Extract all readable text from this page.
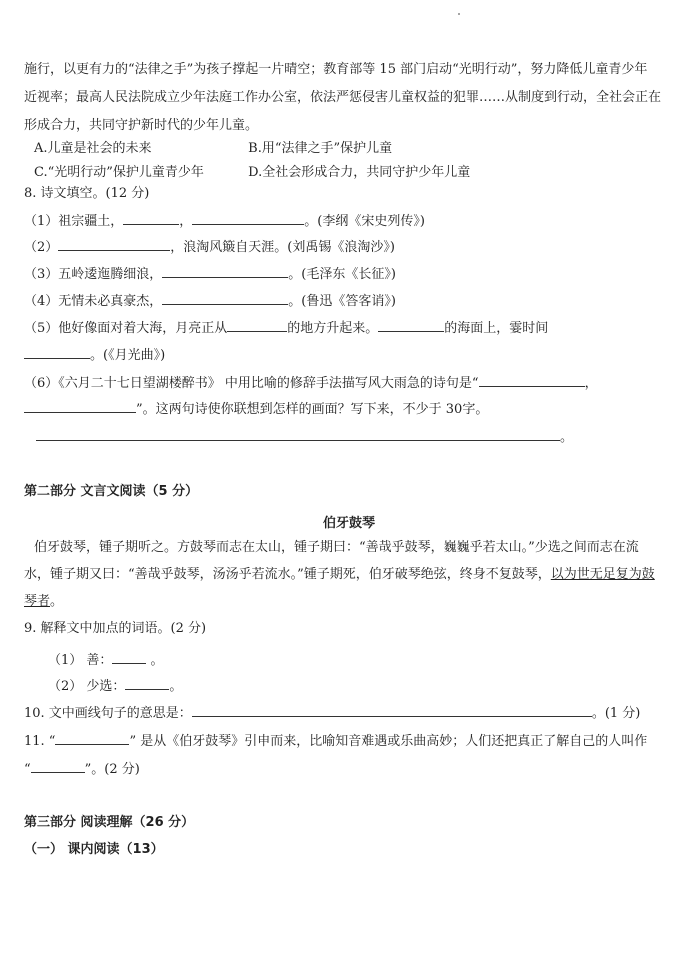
施行，以更有力的“法律之手”为孩子撑起一片晴空；教育部等 15 部门启动“光明行动”，努力降低儿童青少年
近视率；最高人民法院成立少年法庭工作办公室，依法严惩侵害儿童权益的犯罪……从制度到行动，全社会正在
形成合力，共同守护新时代的少年儿童。
A.儿童是社会的未来	B.用“法律之手”保护儿童
C.“光明行动”保护儿童青少年	D.全社会形成合力，共同守护少年儿童
8. 诗文填空。(12 分)
（1）祖宗疆土，	，	。(李纲《宋史列传》)
（2）	，浪淘风簸自天涯。(刘禹锡《浪淘沙》)
（3）五岭逶迤腾细浪，	。(毛泽东《长征》)
（4）无情未必真豪杰，	。(鲁迅《答客诮》)
（5）他好像面对着大海，月亮正从	的地方升起来。	的海面上，霎时间
。(《月光曲》)
（6）《六月二十七日望湖楼醉书》 中用比喻的修辞手法描写风大雨急的诗句是“	，
”。这两句诗使你联想到怎样的画面？写下来，不少于 30字。
。
第二部分 文言文阅读（5 分）
伯牙鼓琴
伯牙鼓琴，锺子期听之。方鼓琴而志在太山，锺子期曰：“善哉乎鼓琴，巍巍乎若太山。”少选之间而志在流
水，锺子期又曰：“善哉乎鼓琴，汤汤乎若流水。”锺子期死，伯牙破琴绝弦，终身不复鼓琴，以为世无足复为鼓
琴者。
9. 解释文中加点的词语。(2 分)
（1） 善：	。
（2） 少选：	。
10. 文中画线句子的意思是：	。(1 分)
11. “	” 是从《伯牙鼓琴》引申而来，比喻知音难遇或乐曲高妙；人们还把真正了解自己的人叫作
“	”。(2 分)
第三部分 阅读理解（26 分）
（一） 课内阅读（13）
